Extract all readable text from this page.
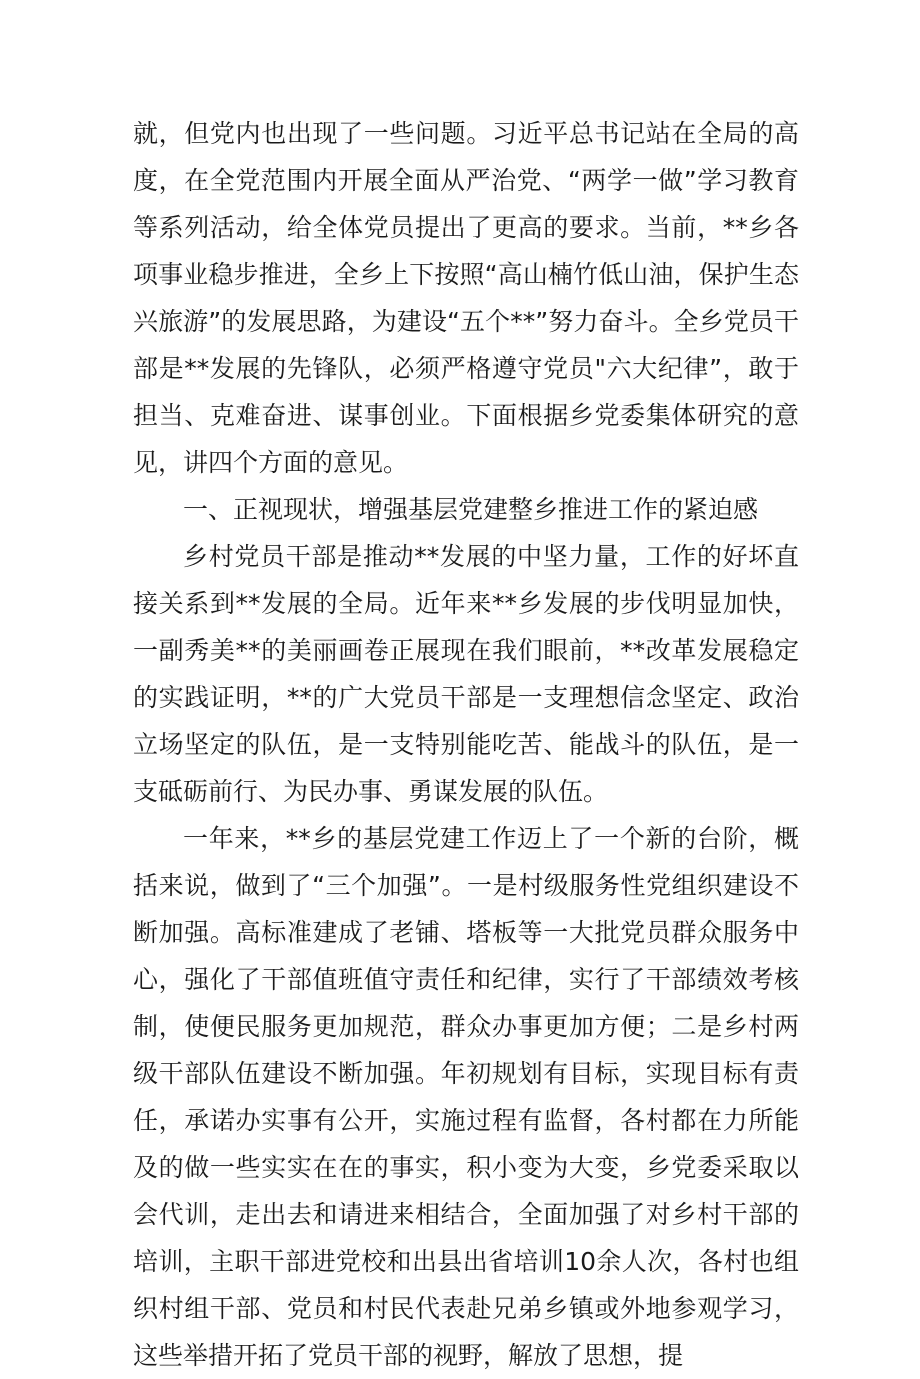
就，但党内也出现了一些问题。习近平总书记站在全局的高度，在全党范围内开展全面从严治党、“两学一做”学习教育等系列活动，给全体党员提出了更高的要求。当前，**乡各项事业稳步推进，全乡上下按照“高山楠竹低山油，保护生态兴旅游”的发展思路，为建设“五个**”努力奋斗。全乡党员干部是**发展的先锋队，必须严格遵守党员"六大纪律”，敢于担当、克难奋进、谋事创业。下面根据乡党委集体研究的意见，讲四个方面的意见。

一、正视现状，增强基层党建整乡推进工作的紧迫感

乡村党员干部是推动**发展的中坚力量，工作的好坏直接关系到**发展的全局。近年来**乡发展的步伐明显加快，一副秀美**的美丽画卷正展现在我们眼前，**改革发展稳定的实践证明，**的广大党员干部是一支理想信念坚定、政治立场坚定的队伍，是一支特别能吃苦、能战斗的队伍，是一支砥砺前行、为民办事、勇谋发展的队伍。

一年来，**乡的基层党建工作迈上了一个新的台阶，概括来说，做到了“三个加强”。一是村级服务性党组织建设不断加强。高标准建成了老铺、塔板等一大批党员群众服务中心，强化了干部值班值守责任和纪律，实行了干部绩效考核制，使便民服务更加规范，群众办事更加方便；二是乡村两级干部队伍建设不断加强。年初规划有目标，实现目标有责任，承诺办实事有公开，实施过程有监督，各村都在力所能及的做一些实实在在的事实，积小变为大变，乡党委采取以会代训，走出去和请进来相结合，全面加强了对乡村干部的培训，主职干部进党校和出县出省培训10余人次，各村也组织村组干部、党员和村民代表赴兄弟乡镇或外地参观学习，这些举措开拓了党员干部的视野，解放了思想，提
